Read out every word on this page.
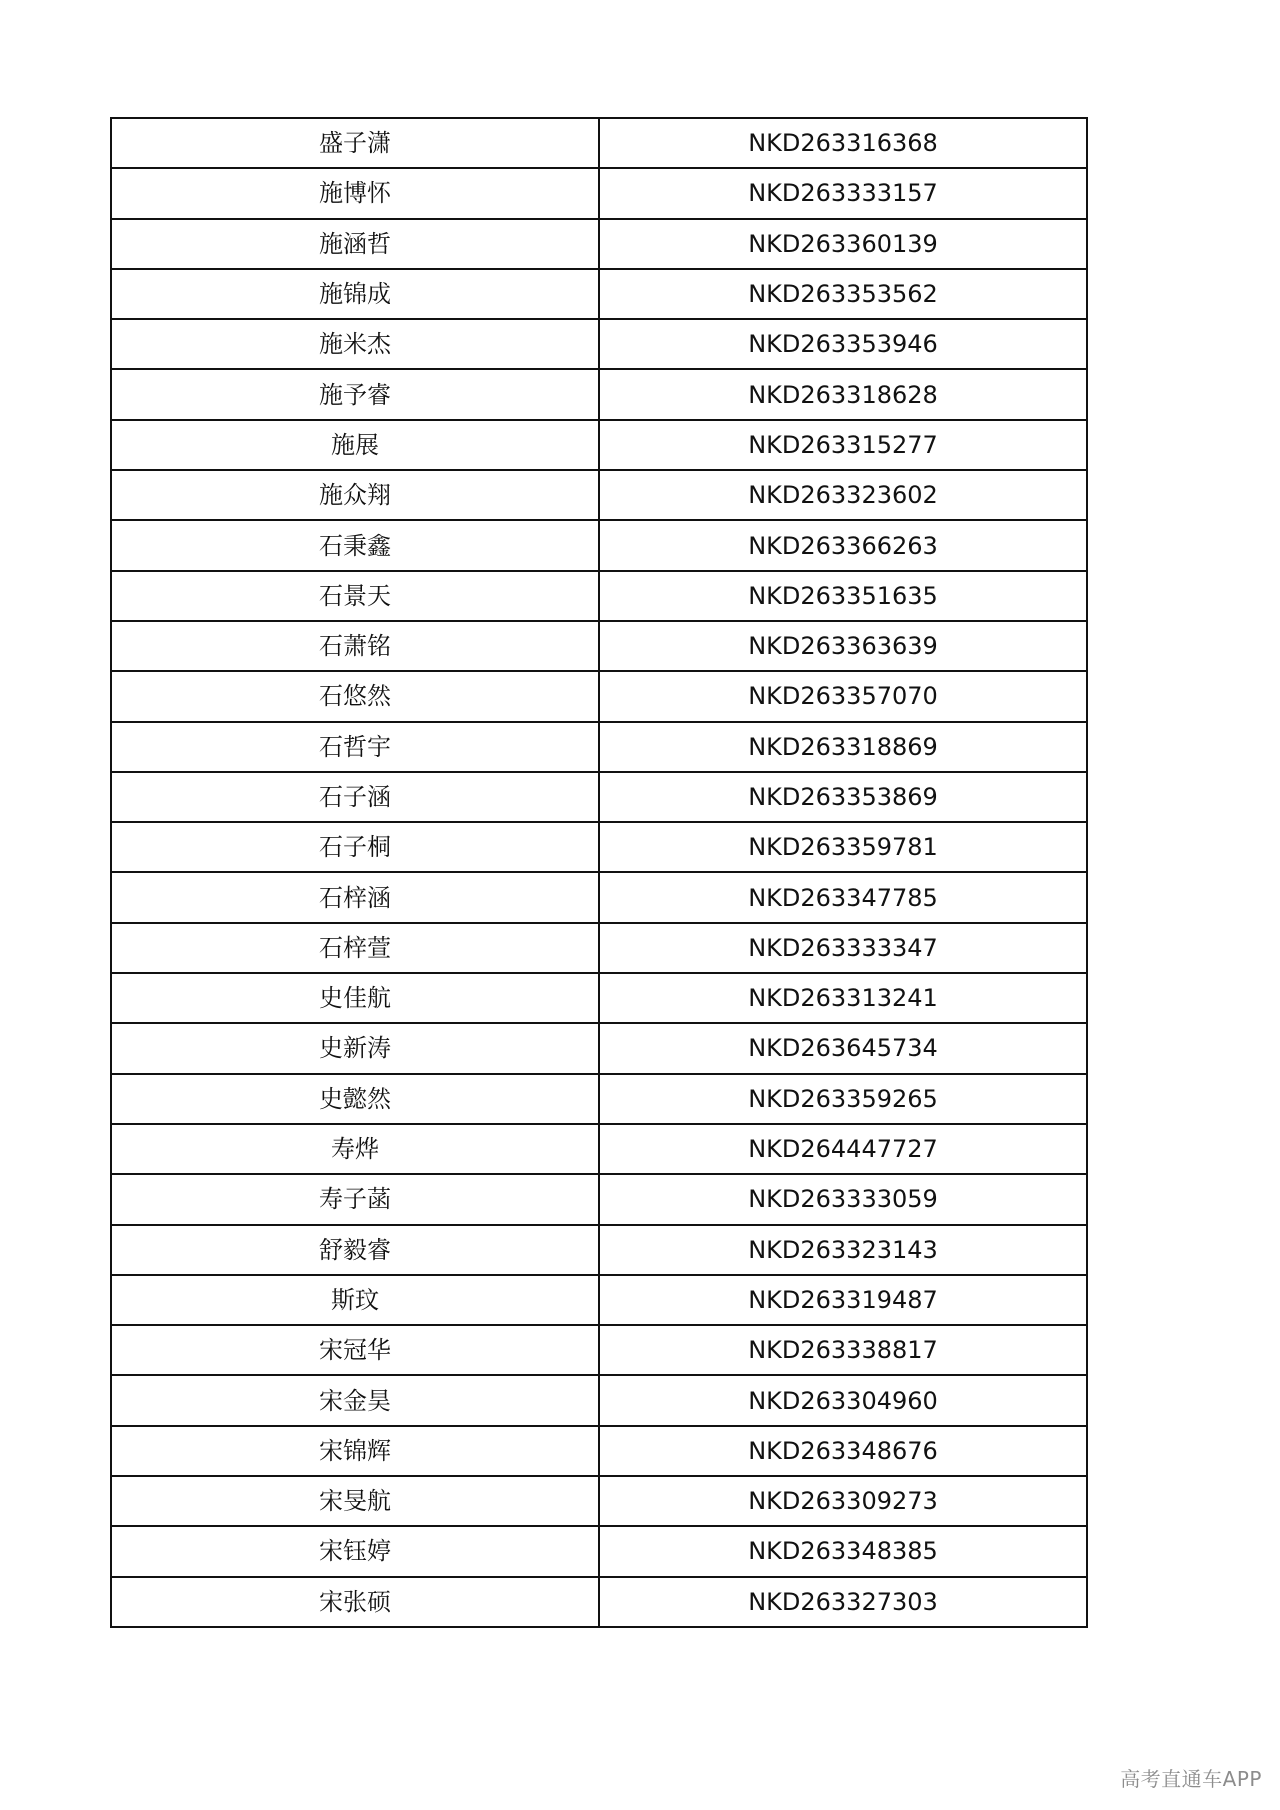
盛子潇	NKD263316368
施博怀	NKD263333157
施涵哲	NKD263360139
施锦成	NKD263353562
施米杰	NKD263353946
施予睿	NKD263318628
施展	NKD263315277
施众翔	NKD263323602
石秉鑫	NKD263366263
石景天	NKD263351635
石萧铭	NKD263363639
石悠然	NKD263357070
石哲宇	NKD263318869
石子涵	NKD263353869
石子桐	NKD263359781
石梓涵	NKD263347785
石梓萱	NKD263333347
史佳航	NKD263313241
史新涛	NKD263645734
史懿然	NKD263359265
寿烨	NKD264447727
寿子菡	NKD263333059
舒毅睿	NKD263323143
斯玟	NKD263319487
宋冠华	NKD263338817
宋金昊	NKD263304960
宋锦辉	NKD263348676
宋旻航	NKD263309273
宋钰婷	NKD263348385
宋张硕	NKD263327303
高考直通车APP
